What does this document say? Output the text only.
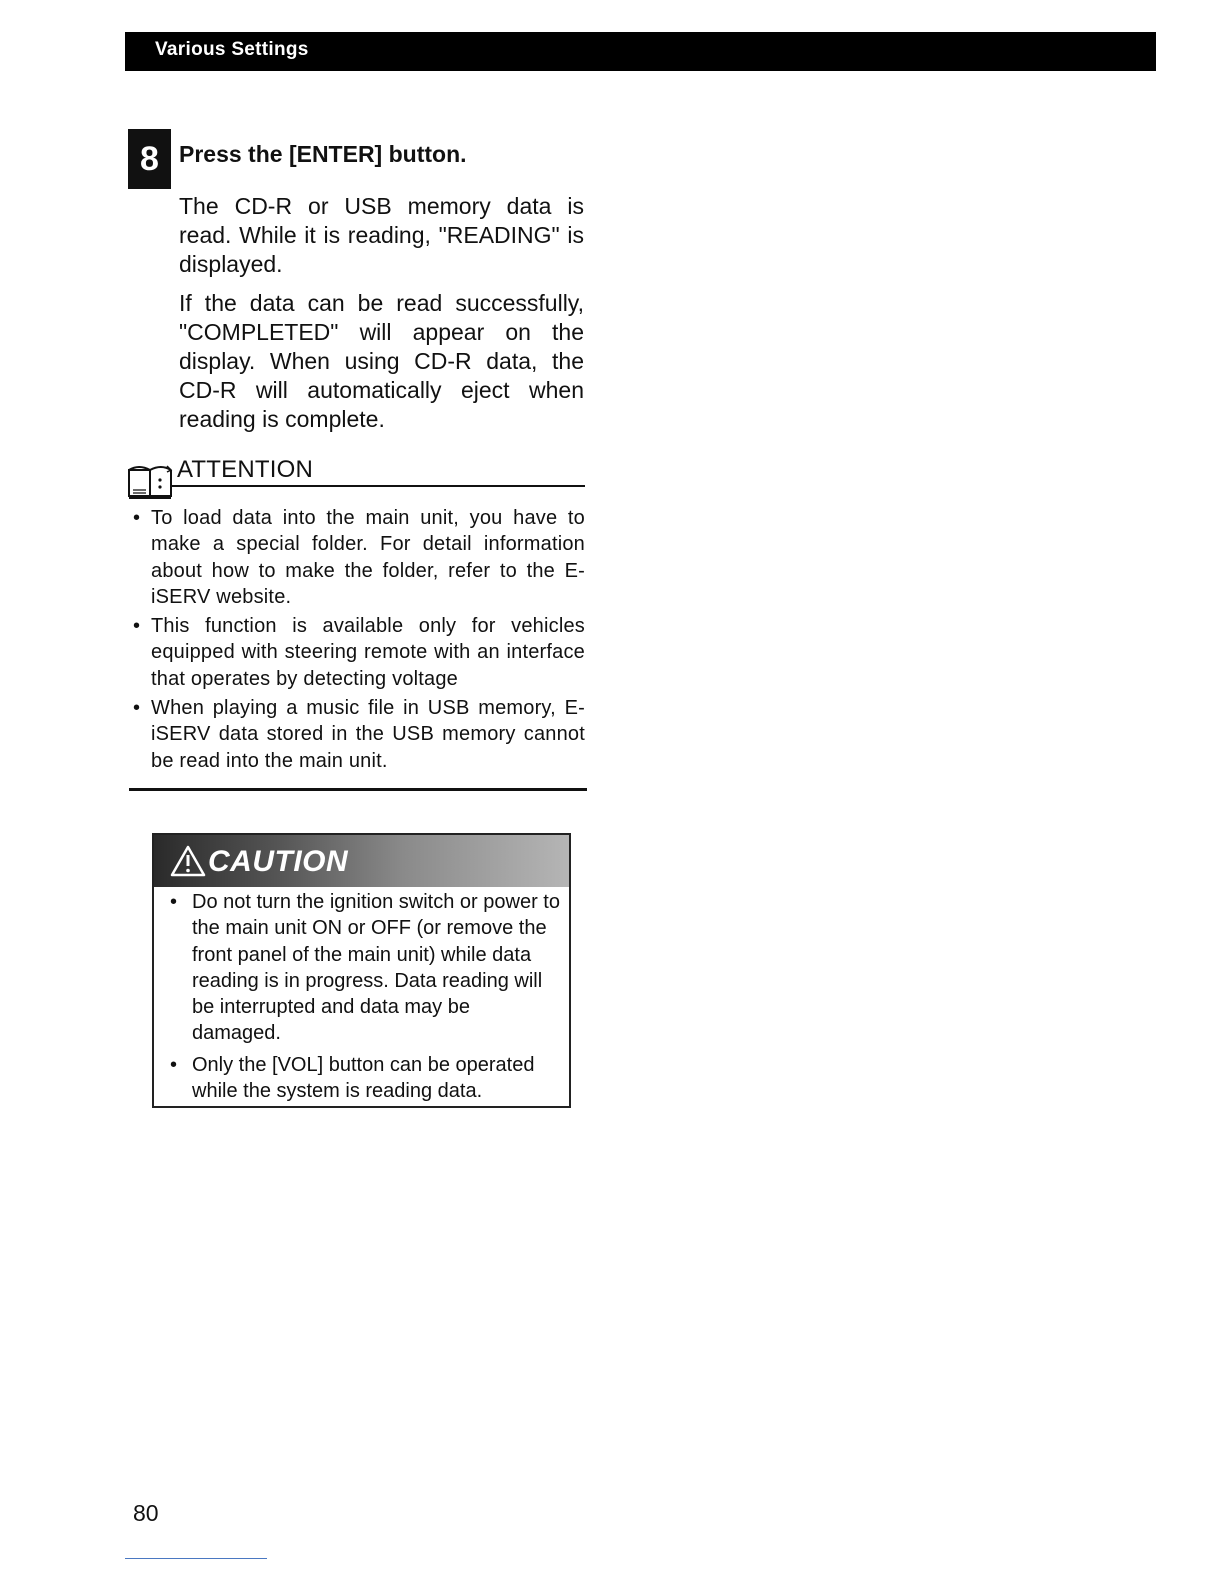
Various Settings
8 Press the [ENTER] button.

The CD-R or USB memory data is read. While it is reading, "READING" is displayed.

If the data can be read successfully, "COMPLETED" will appear on the display. When using CD-R data, the CD-R will automatically eject when reading is complete.

ATTENTION
• To load data into the main unit, you have to make a special folder. For detail information about how to make the folder, refer to the E-iSERV website.
• This function is available only for vehicles equipped with steering remote with an interface that operates by detecting voltage
• When playing a music file in USB memory, E-iSERV data stored in the USB memory cannot be read into the main unit.
CAUTION
• Do not turn the ignition switch or power to the main unit ON or OFF (or remove the front panel of the main unit) while data reading is in progress. Data reading will be interrupted and data may be damaged.
• Only the [VOL] button can be operated while the system is reading data.
80
